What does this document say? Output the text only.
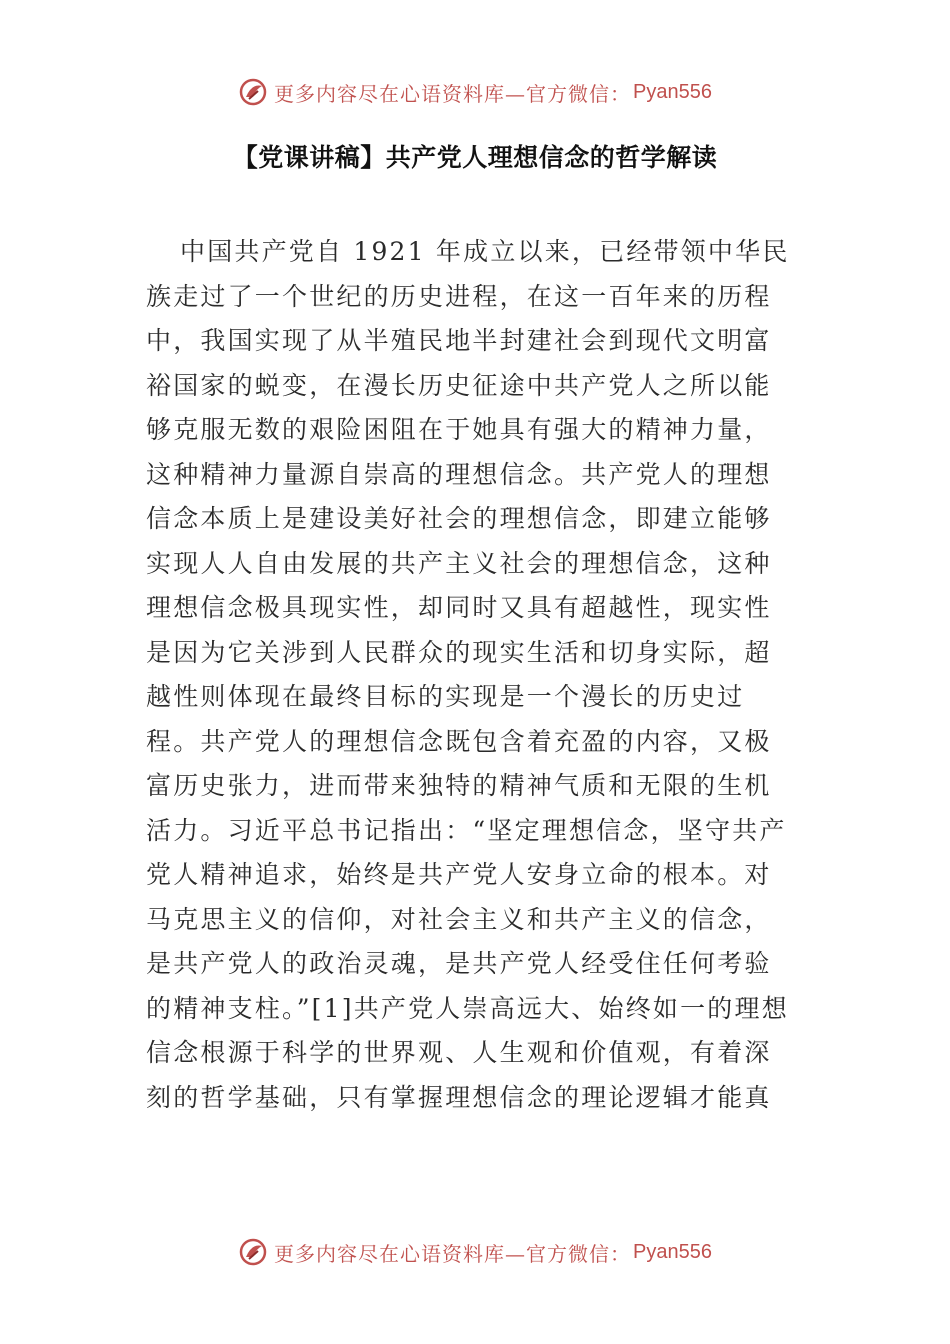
更多内容尽在心语资料库—官方微信： Pyan556
【党课讲稿】共产党人理想信念的哲学解读
中国共产党自 1921 年成立以来，已经带领中华民
族走过了一个世纪的历史进程，在这一百年来的历程
中，我国实现了从半殖民地半封建社会到现代文明富
裕国家的蜕变，在漫长历史征途中共产党人之所以能
够克服无数的艰险困阻在于她具有强大的精神力量，
这种精神力量源自崇高的理想信念。共产党人的理想
信念本质上是建设美好社会的理想信念，即建立能够
实现人人自由发展的共产主义社会的理想信念，这种
理想信念极具现实性，却同时又具有超越性，现实性
是因为它关涉到人民群众的现实生活和切身实际，超
越性则体现在最终目标的实现是一个漫长的历史过
程。共产党人的理想信念既包含着充盈的内容，又极
富历史张力，进而带来独特的精神气质和无限的生机
活力。习近平总书记指出：“坚定理想信念，坚守共产
党人精神追求，始终是共产党人安身立命的根本。对
马克思主义的信仰，对社会主义和共产主义的信念，
是共产党人的政治灵魂，是共产党人经受住任何考验
的精神支柱。”[1]共产党人崇高远大、始终如一的理想
信念根源于科学的世界观、人生观和价值观，有着深
刻的哲学基础，只有掌握理想信念的理论逻辑才能真
更多内容尽在心语资料库—官方微信： Pyan556
